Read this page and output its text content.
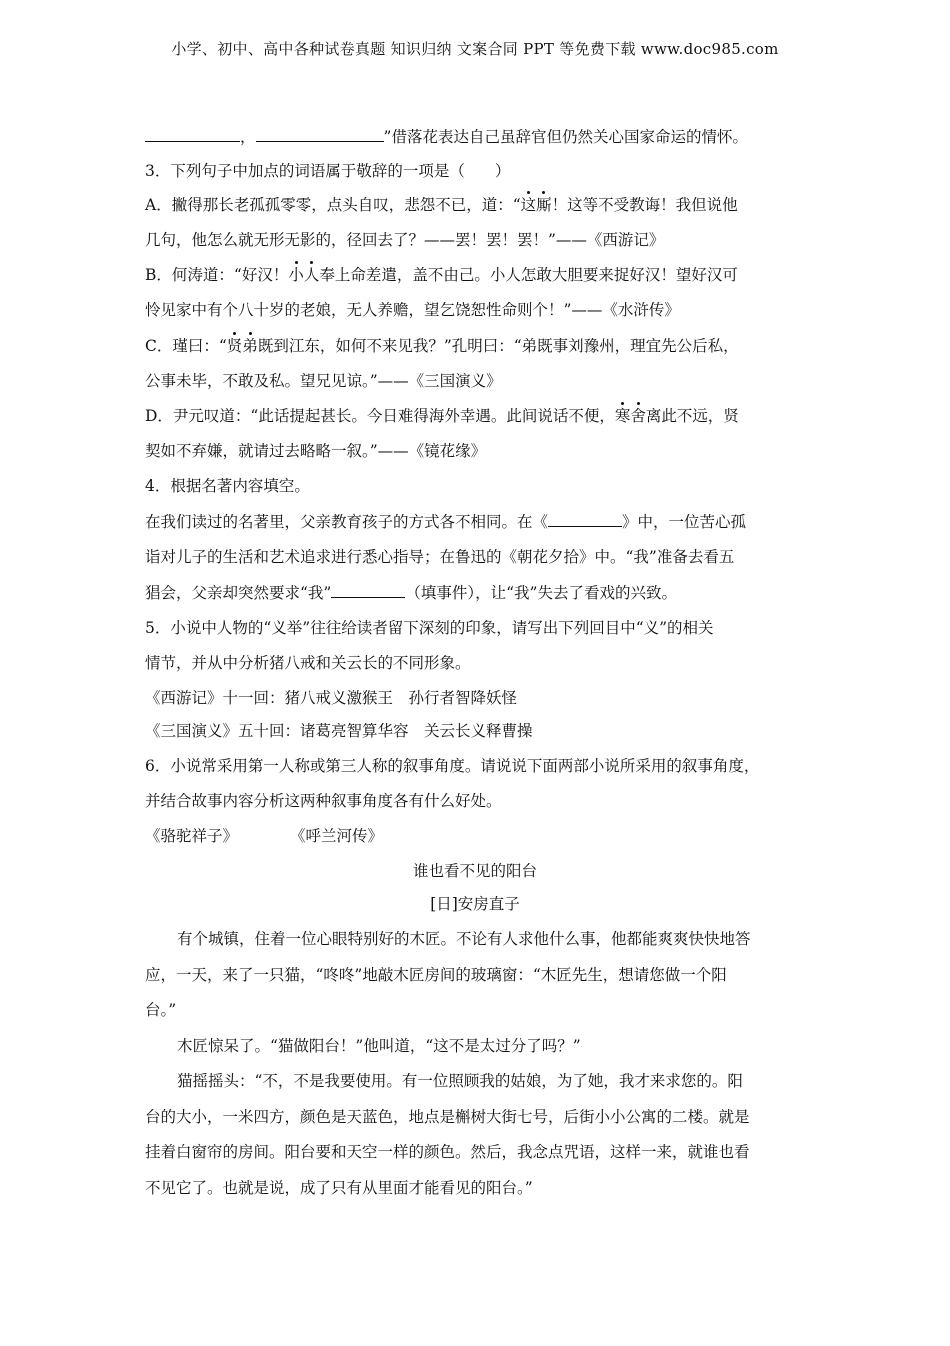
小学、初中、高中各种试卷真题 知识归纳 文案合同 PPT 等免费下载 www.doc985.com
，	”借落花表达自己虽辞官但仍然关心国家命运的情怀。
3．下列句子中加点的词语属于敬辞的一项是（ ）
A．撇得那长老孤孤零零，点头自叹，悲怨不已，道：“这厮！这等不受教诲！我但说他
几句，他怎么就无形无影的，径回去了？——罢！罢！罢！”——《西游记》
B．何涛道：“好汉！小人奉上命差遣，盖不由己。小人怎敢大胆要来捉好汉！望好汉可
怜见家中有个八十岁的老娘，无人养赡，望乞饶恕性命则个！”——《水浒传》
C．瑾曰：“贤弟既到江东，如何不来见我？”孔明曰：“弟既事刘豫州，理宜先公后私，
公事未毕，不敢及私。望兄见谅。”——《三国演义》
D．尹元叹道：“此话提起甚长。今日难得海外幸遇。此间说话不便，寒舍离此不远，贤
契如不弃嫌，就请过去略略一叙。”——《镜花缘》
4．根据名著内容填空。
在我们读过的名著里，父亲教育孩子的方式各不相同。在《	》中，一位苦心孤
诣对儿子的生活和艺术追求进行悉心指导；在鲁迅的《朝花夕拾》中。“我”准备去看五
猖会，父亲却突然要求“我”	（填事件），让“我”失去了看戏的兴致。
5．小说中人物的“义举”往往给读者留下深刻的印象，请写出下列回目中“义”的相关
情节，并从中分析猪八戒和关云长的不同形象。
《西游记》十一回：猪八戒义激猴王　孙行者智降妖怪
《三国演义》五十回：诸葛亮智算华容　关云长义释曹操
6．小说常采用第一人称或第三人称的叙事角度。请说说下面两部小说所采用的叙事角度，
并结合故事内容分析这两种叙事角度各有什么好处。
《骆驼祥子》	《呼兰河传》
谁也看不见的阳台
[日]安房直子
有个城镇，住着一位心眼特别好的木匠。不论有人求他什么事，他都能爽爽快快地答
应，一天，来了一只猫，“咚咚”地敲木匠房间的玻璃窗：“木匠先生，想请您做一个阳
台。”
木匠惊呆了。“猫做阳台！”他叫道，“这不是太过分了吗？”
猫摇摇头：“不，不是我要使用。有一位照顾我的姑娘，为了她，我才来求您的。阳
台的大小，一米四方，颜色是天蓝色，地点是槲树大街七号，后街小小公寓的二楼。就是
挂着白窗帘的房间。阳台要和天空一样的颜色。然后，我念点咒语，这样一来，就谁也看
不见它了。也就是说，成了只有从里面才能看见的阳台。”
